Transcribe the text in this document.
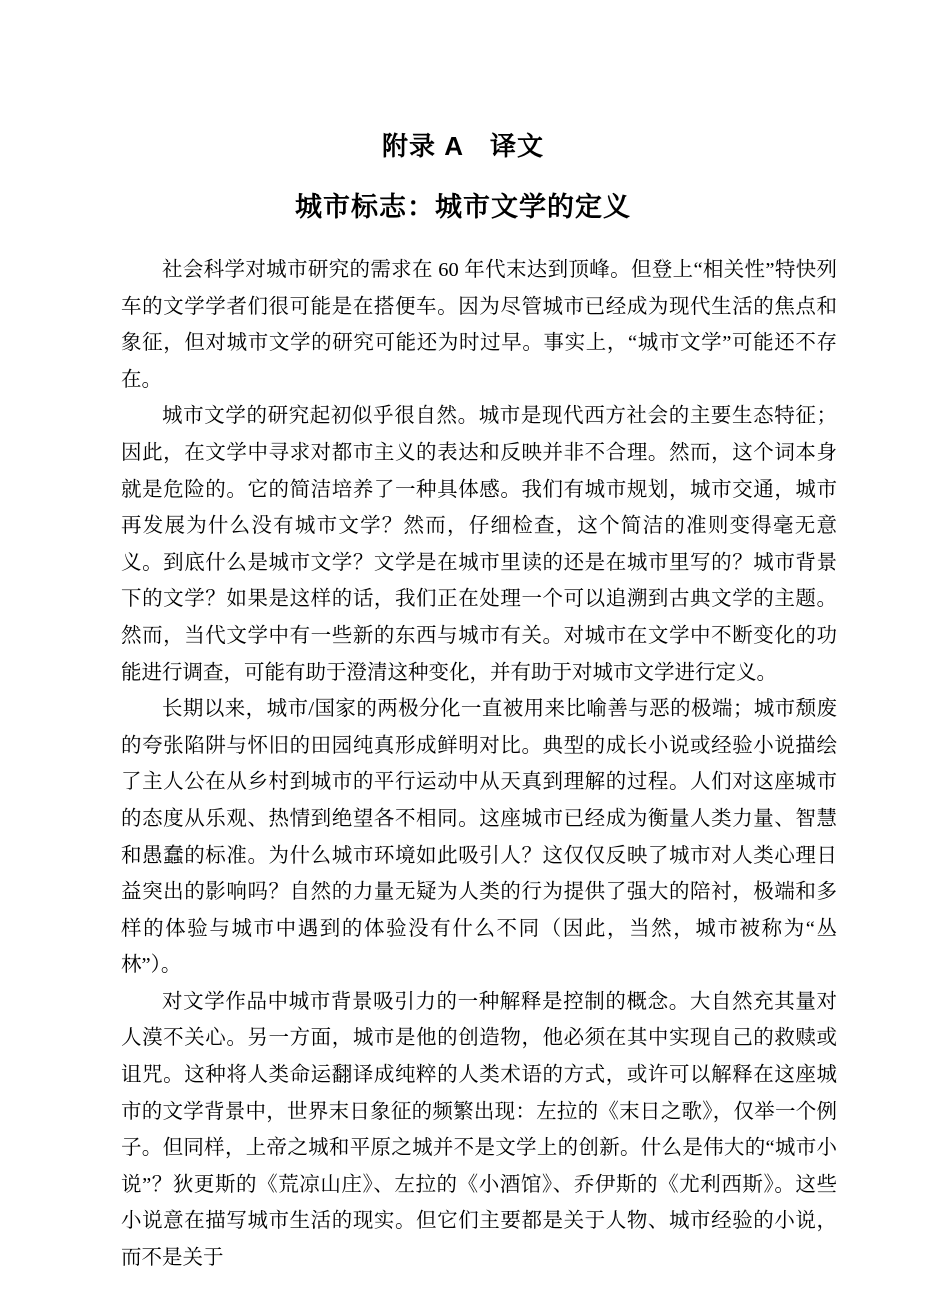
附录 A　译文
城市标志：城市文学的定义

社会科学对城市研究的需求在 60 年代末达到顶峰。但登上“相关性”特快列车的文学学者们很可能是在搭便车。因为尽管城市已经成为现代生活的焦点和象征，但对城市文学的研究可能还为时过早。事实上，“城市文学”可能还不存在。

城市文学的研究起初似乎很自然。城市是现代西方社会的主要生态特征；因此，在文学中寻求对都市主义的表达和反映并非不合理。然而，这个词本身就是危险的。它的简洁培养了一种具体感。我们有城市规划，城市交通，城市再发展为什么没有城市文学？然而，仔细检查，这个简洁的准则变得毫无意义。到底什么是城市文学？文学是在城市里读的还是在城市里写的？城市背景下的文学？如果是这样的话，我们正在处理一个可以追溯到古典文学的主题。然而，当代文学中有一些新的东西与城市有关。对城市在文学中不断变化的功能进行调查，可能有助于澄清这种变化，并有助于对城市文学进行定义。

长期以来，城市/国家的两极分化一直被用来比喻善与恶的极端；城市颓废的夸张陷阱与怀旧的田园纯真形成鲜明对比。典型的成长小说或经验小说描绘了主人公在从乡村到城市的平行运动中从天真到理解的过程。人们对这座城市的态度从乐观、热情到绝望各不相同。这座城市已经成为衡量人类力量、智慧和愚蠢的标准。为什么城市环境如此吸引人？这仅仅反映了城市对人类心理日益突出的影响吗？自然的力量无疑为人类的行为提供了强大的陪衬，极端和多样的体验与城市中遇到的体验没有什么不同（因此，当然，城市被称为“丛林”）。

对文学作品中城市背景吸引力的一种解释是控制的概念。大自然充其量对人漠不关心。另一方面，城市是他的创造物，他必须在其中实现自己的救赎或诅咒。这种将人类命运翻译成纯粹的人类术语的方式，或许可以解释在这座城市的文学背景中，世界末日象征的频繁出现：左拉的《末日之歌》，仅举一个例子。但同样，上帝之城和平原之城并不是文学上的创新。什么是伟大的“城市小说”？狄更斯的《荒凉山庄》、左拉的《小酒馆》、乔伊斯的《尤利西斯》。这些小说意在描写城市生活的现实。但它们主要都是关于人物、城市经验的小说，而不是关于
